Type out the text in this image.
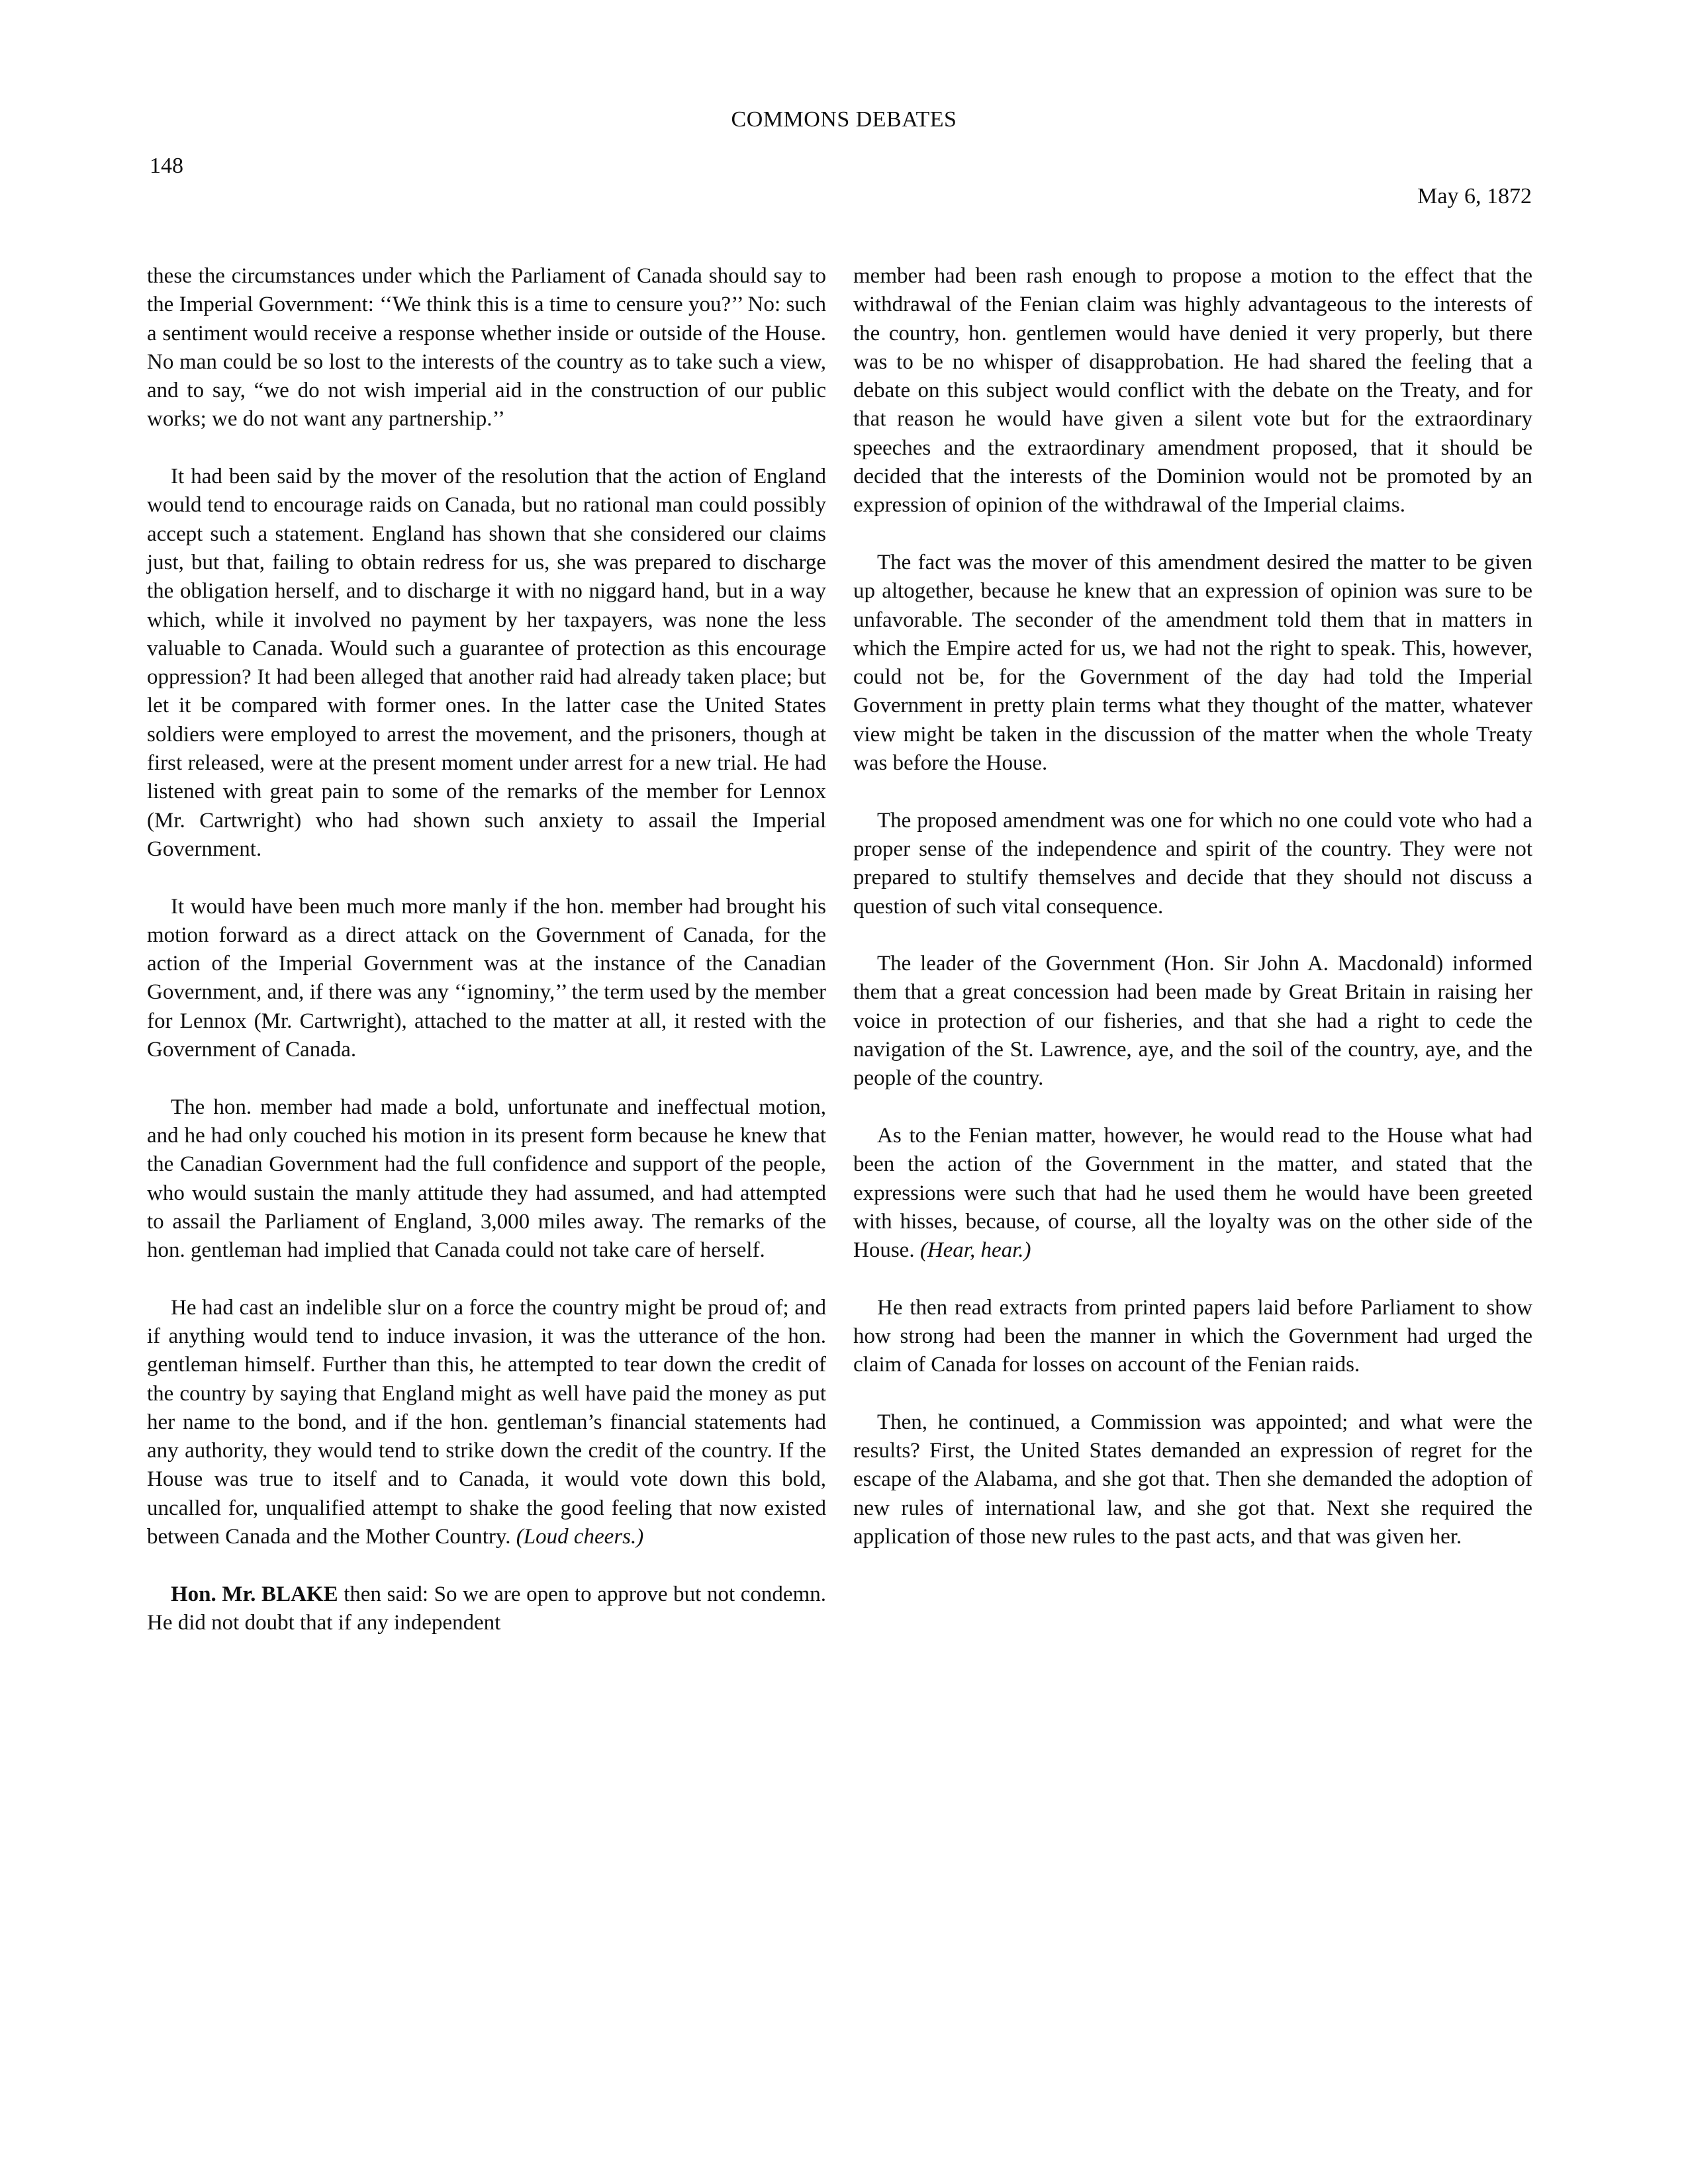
COMMONS DEBATES
148
May 6, 1872

these the circumstances under which the Parliament of Canada should say to the Imperial Government: ‘‘We think this is a time to censure you?’’ No: such a sentiment would receive a response whether inside or outside of the House. No man could be so lost to the interests of the country as to take such a view, and to say, “we do not wish imperial aid in the construction of our public works; we do not want any partnership.’’

It had been said by the mover of the resolution that the action of England would tend to encourage raids on Canada, but no rational man could possibly accept such a statement. England has shown that she considered our claims just, but that, failing to obtain redress for us, she was prepared to discharge the obligation herself, and to discharge it with no niggard hand, but in a way which, while it involved no payment by her taxpayers, was none the less valuable to Canada. Would such a guarantee of protection as this encourage oppression? It had been alleged that another raid had already taken place; but let it be compared with former ones. In the latter case the United States soldiers were employed to arrest the movement, and the prisoners, though at first released, were at the present moment under arrest for a new trial. He had listened with great pain to some of the remarks of the member for Lennox (Mr. Cartwright) who had shown such anxiety to assail the Imperial Government.

It would have been much more manly if the hon. member had brought his motion forward as a direct attack on the Government of Canada, for the action of the Imperial Government was at the instance of the Canadian Government, and, if there was any ‘‘ignominy,’’ the term used by the member for Lennox (Mr. Cartwright), attached to the matter at all, it rested with the Government of Canada.

The hon. member had made a bold, unfortunate and ineffectual motion, and he had only couched his motion in its present form because he knew that the Canadian Government had the full confidence and support of the people, who would sustain the manly attitude they had assumed, and had attempted to assail the Parliament of England, 3,000 miles away. The remarks of the hon. gentleman had implied that Canada could not take care of herself.

He had cast an indelible slur on a force the country might be proud of; and if anything would tend to induce invasion, it was the utterance of the hon. gentleman himself. Further than this, he attempted to tear down the credit of the country by saying that England might as well have paid the money as put her name to the bond, and if the hon. gentleman’s financial statements had any authority, they would tend to strike down the credit of the country. If the House was true to itself and to Canada, it would vote down this bold, uncalled for, unqualified attempt to shake the good feeling that now existed between Canada and the Mother Country. (Loud cheers.)

Hon. Mr. BLAKE then said: So we are open to approve but not condemn. He did not doubt that if any independent

member had been rash enough to propose a motion to the effect that the withdrawal of the Fenian claim was highly advantageous to the interests of the country, hon. gentlemen would have denied it very properly, but there was to be no whisper of disapprobation. He had shared the feeling that a debate on this subject would conflict with the debate on the Treaty, and for that reason he would have given a silent vote but for the extraordinary speeches and the extraordinary amendment proposed, that it should be decided that the interests of the Dominion would not be promoted by an expression of opinion of the withdrawal of the Imperial claims.

The fact was the mover of this amendment desired the matter to be given up altogether, because he knew that an expression of opinion was sure to be unfavorable. The seconder of the amendment told them that in matters in which the Empire acted for us, we had not the right to speak. This, however, could not be, for the Government of the day had told the Imperial Government in pretty plain terms what they thought of the matter, whatever view might be taken in the discussion of the matter when the whole Treaty was before the House.

The proposed amendment was one for which no one could vote who had a proper sense of the independence and spirit of the country. They were not prepared to stultify themselves and decide that they should not discuss a question of such vital consequence.

The leader of the Government (Hon. Sir John A. Macdonald) informed them that a great concession had been made by Great Britain in raising her voice in protection of our fisheries, and that she had a right to cede the navigation of the St. Lawrence, aye, and the soil of the country, aye, and the people of the country.

As to the Fenian matter, however, he would read to the House what had been the action of the Government in the matter, and stated that the expressions were such that had he used them he would have been greeted with hisses, because, of course, all the loyalty was on the other side of the House. (Hear, hear.)

He then read extracts from printed papers laid before Parliament to show how strong had been the manner in which the Government had urged the claim of Canada for losses on account of the Fenian raids.

Then, he continued, a Commission was appointed; and what were the results? First, the United States demanded an expression of regret for the escape of the Alabama, and she got that. Then she demanded the adoption of new rules of international law, and she got that. Next she required the application of those new rules to the past acts, and that was given her.
